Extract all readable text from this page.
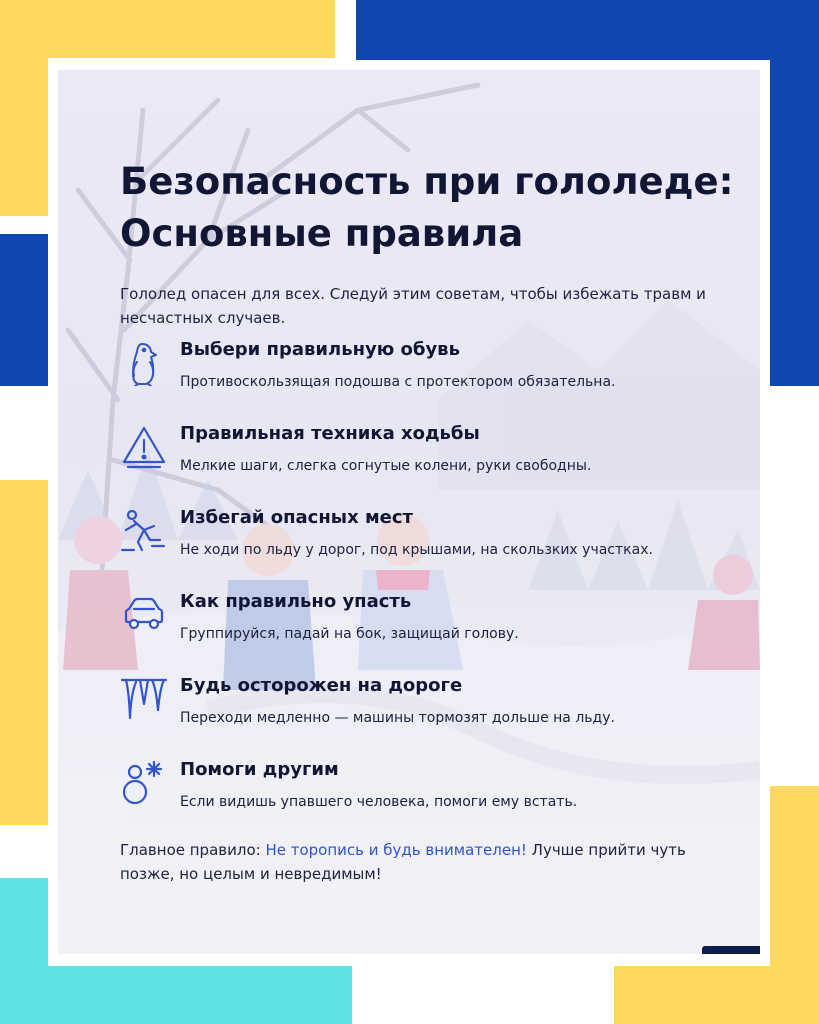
Безопасность при гололеде:
Основные правила
Гололед опасен для всех. Следуй этим советам, чтобы избежать травм и несчастных случаев.
Выбери правильную обувь
Противоскользящая подошва с протектором обязательна.
Правильная техника ходьбы
Мелкие шаги, слегка согнутые колени, руки свободны.
Избегай опасных мест
Не ходи по льду у дорог, под крышами, на скользких участках.
Как правильно упасть
Группируйся, падай на бок, защищай голову.
Будь осторожен на дороге
Переходи медленно — машины тормозят дольше на льду.
Помоги другим
Если видишь упавшего человека, помоги ему встать.
Главное правило: Не торопись и будь внимателен! Лучше прийти чуть позже, но целым и невредимым!
